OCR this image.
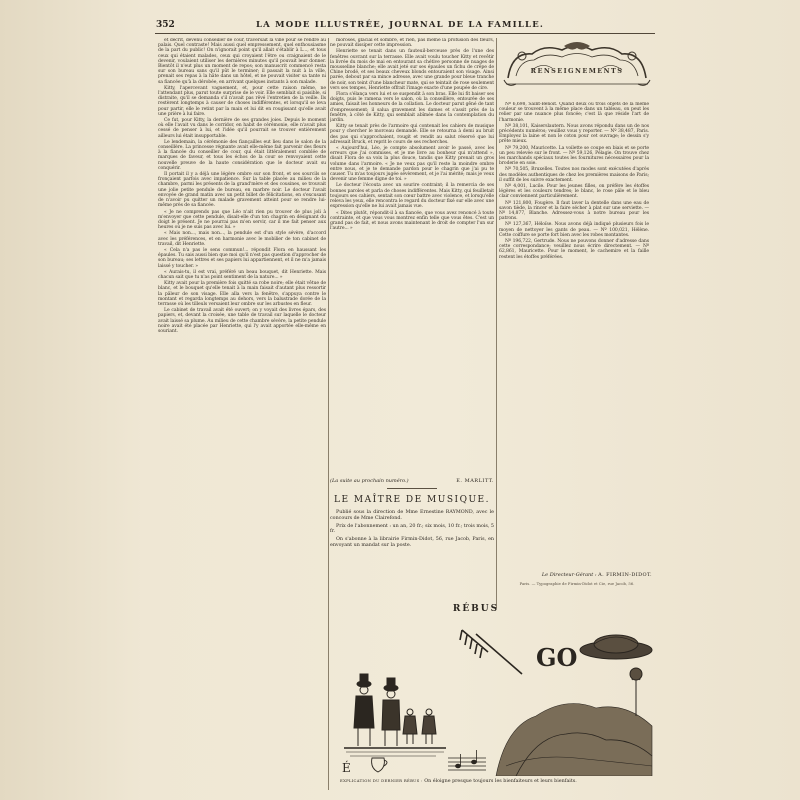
352	LA MODE ILLUSTRÉE, JOURNAL DE LA FAMILLE.

et décrit, devenu conseiller de cour, traversait la ville pour se rendre au palais. Quel contraste! Mais aussi quel empressement, quel enthousiasme de la part du public! On n'ignorait point qu'il allait s'établir à L..., et tous ceux qui étaient malades, ceux qui croyaient l'être ou craignaient de le devenir, voulaient utiliser les dernières minutes qu'il pouvait leur donner. Bientôt il n'eut plus un moment de repos; son manuscrit commencé resta sur son bureau sans qu'il pût le terminer; il passait la nuit à la ville, prenait ses repas à la hâte dans un hôtel, et ne pouvait visiter sa tante ni sa fiancée qu'à la dérobée, en arrivant quelques instants à son malade.

Kitty, l'apercevant vaguement, et, pour cette raison même, ne l'attendant plus, parut toute surprise de le voir. Elle semblait si paisible, si distraite, qu'il se demanda s'il n'avait pas rêvé l'entretien de la veille. Ils restèrent longtemps à causer de choses indifférentes, et lorsqu'il se leva pour partir, elle le retint par la main et lui dit en rougissant qu'elle avait une prière à lui faire.

Ce fut, pour Kitty, la dernière de ses grandes joies. Depuis le moment où elle l'avait vu dans le corridor, en habit de cérémonie, elle n'avait plus cessé de penser à lui, et l'idée qu'il pourrait se trouver entièrement ailleurs lui était insupportable.

Le lendemain, la cérémonie des fiançailles eut lieu dans le salon de la conseillère. La princesse régnante avait elle-même fait parvenir des fleurs à la fiancée du conseiller de cour, qui était littéralement comblée de marques de faveur, et tous les échos de la cour se renvoyaient cette nouvelle preuve de la haute considération que le docteur avait su conquérir.

Il portait il y a déjà une légère ombre sur son front, et ses sourcils se fronçaient parfois avec impatience. Sur la table placée au milieu de la chambre, parmi les présents de la grand'mère et des cousines, se trouvait une jolie petite pendule de bureau, en marbre noir. Le docteur l'avait envoyée de grand matin avec un petit billet de félicitations, en s'excusant de n'avoir pu quitter un malade gravement atteint pour se rendre lui-même près de sa fiancée.

« Je ne comprends pas que Léo n'ait rien pu trouver de plus joli à m'envoyer que cette pendule, disait-elle d'un ton chagrin en désignant du doigt le présent. Je ne pourrai pas m'en servir, car il me fait penser aux heures où je ne suis pas avec lui. »

« Mais non..., mais non..., la pendule est d'un style sévère, d'accord avec les préférences, et en harmonie avec le mobilier de ton cabinet de travail, dit Henriette.

« Cela n'a pas le sens commun!... répondit Flora en haussant les épaules. Tu sais aussi bien que moi qu'il n'est pas question d'approcher de son bureau; ses lettres et ses papiers lui appartiennent, et il ne m'a jamais laissé y toucher. »

« Aurais-tu, il est vrai, préféré un beau bouquet, dit Henriette. Mais chacun sait que tu n'as point sentiment de la nature... »

Kitty avait pour la première fois quitté sa robe noire; elle était vêtue de blanc, et le bouquet qu'elle tenait à la main faisait d'autant plus ressortir la pâleur de son visage. Elle alla vers la fenêtre, s'appuya contre le montant et regarda longtemps au dehors, vers la balustrade dorée de la terrasse où les tilleuls versaient leur ombre sur les arbustes en fleur.

Le cabinet de travail avait été ouvert; on y voyait des livres épars, des papiers, et, devant la croisée, une table de travail sur laquelle le docteur avait laissé sa plume. Au milieu de cette chambre sévère, la petite pendule noire avait été placée par Henriette, qui l'y avait apportée elle-même en souriant.

moroses, glacial et sombre, et rien, pas même la profusion des fleurs, ne pouvait dissiper cette impression.

Henriette se tenait dans un fauteuil-berceuse près de l'une des fenêtres ouvrant sur la terrasse. Elle avait voulu toucher Kitty et revêtir la livrée du mois de mai en entourant sa chétive personne de nuages de mousseline blanche; elle avait jeté sur ses épaules un fichu de crêpe de Chine brodé, et ses beaux cheveux blonds entouraient son visage. Ainsi parée, debout par sa mince adresse, avec une grande pour bleue tranche de noir, son teint d'une blancheur mate, qui se teintait de rose seulement vers ses tempes, Henriette offrait l'image exacte d'une poupée de cire.

Flora s'élança vers lui et se suspendit à son bras. Elle lui fit baiser ses doigts, puis le ramena vers le salon, où la conseillère, entourée de ses amies, faisait les honneurs de la collation. Le docteur parut gêné de tant d'empressement; il salua gravement les dames et s'assit près de la fenêtre, à côté de Kitty, qui semblait abîmée dans la contemplation du jardin.

Kitty se tenait près de l'armoire qui contenait les cahiers de musique pour y chercher le morceau demandé. Elle se retourna à demi au bruit des pas qui s'approchaient, rougit et rendit au salut réservé que lui adressait Bruck, et reprit le cours de ses recherches.

« Aujourd'hui, Léo, je compte absolument avoir le passé, avec les erreurs que j'ai commises, et je me livre au bonheur qui m'attend », disait Flora de sa voix la plus douce, tandis que Kitty prenait un gros volume dans l'armoire. « Je ne veux pas qu'il reste la moindre ombre entre nous, et je te demande pardon pour le chagrin que j'ai pu te causer. Tu m'as toujours jugée sévèrement, et je l'ai mérité; mais je veux devenir une femme digne de toi. »

Le docteur l'écouta avec un sourire contraint; il la remercia de ses bonnes paroles et parla de choses indifférentes. Mais Kitty, qui feuilletait toujours ses cahiers, sentait son cœur battre avec violence, et lorsqu'elle releva les yeux, elle rencontra le regard du docteur fixé sur elle avec une expression qu'elle ne lui avait jamais vue.

« Dites plutôt, répondit-il à sa fiancée, que vous avez renoncé à toute contrainte, et que vous vous montrez enfin telle que vous êtes. C'est un grand pas de fait, et nous avons maintenant le droit de compter l'un sur l'autre... »

(La suite au prochain numéro.)	E. MARLITT.
LE MAÎTRE DE MUSIQUE.

Publié sous la direction de Mme Ernestine RAYMOND, avec le concours de Mme Clairefond.

Prix de l'abonnement : un an, 20 fr.; six mois, 10 fr.; trois mois, 5 fr.

On s'abonne à la librairie Firmin-Didot, 56, rue Jacob, Paris, en envoyant un mandat sur la poste.

RENSEIGNEMENTS

Nº 6,698, Saint-Benoît. Quand deux ou trois objets de la même couleur se trouvent à la même place dans un tableau, on peut les relier par une nuance plus foncée; c'est là que réside l'art de l'harmonie.

Nº 38,101, Kaiserslautern. Nous avons répondu dans un de nos précédents numéros; veuillez vous y reporter. — Nº 38,487, Paris. Employez la laine et non le coton pour cet ouvrage; le dessin s'y prête mieux.

Nº 79,200, Mauricette. La voilette se coupe en biais et se porte un peu relevée sur le front. — Nº 59,126, Pélagie. On trouve chez les marchands spéciaux toutes les fournitures nécessaires pour la broderie en soie.

Nº 70,505, Bruxelles. Toutes nos modes sont exécutées d'après des modèles authentiques de chez les premières maisons de Paris; il suffit de les suivre exactement.

Nº 4,001, Lucile. Pour les jeunes filles, on préfère les étoffes légères et les couleurs tendres; le blanc, le rose pâle et le bleu clair conviennent particulièrement.

Nº 121,800, Fougère. Il faut laver la dentelle dans une eau de savon tiède, la rincer et la faire sécher à plat sur une serviette. — Nº 14,877, Blanche. Adressez-vous à notre bureau pour les patrons.

Nº 127,367, Héloïse. Nous avons déjà indiqué plusieurs fois le moyen de nettoyer les gants de peau. — Nº 100,021, Hélène. Cette coiffure se porte fort bien avec les robes montantes.

Nº 196,722, Gertrude. Nous ne pouvons donner d'adresse dans cette correspondance; veuillez nous écrire directement. — Nº 62,861, Mauricette. Pour le moment, le cachemire et la faille restent les étoffes préférées.

Le Directeur-Gérant : A. FIRMIN-DIDOT.
Paris. — Typographie de Firmin-Didot et Cie, rue Jacob, 56.
RÉBUS
GO
É
EXPLICATION DU DERNIER RÉBUS : On éloigne presque toujours les bienfaiteurs et leurs bienfaits.
